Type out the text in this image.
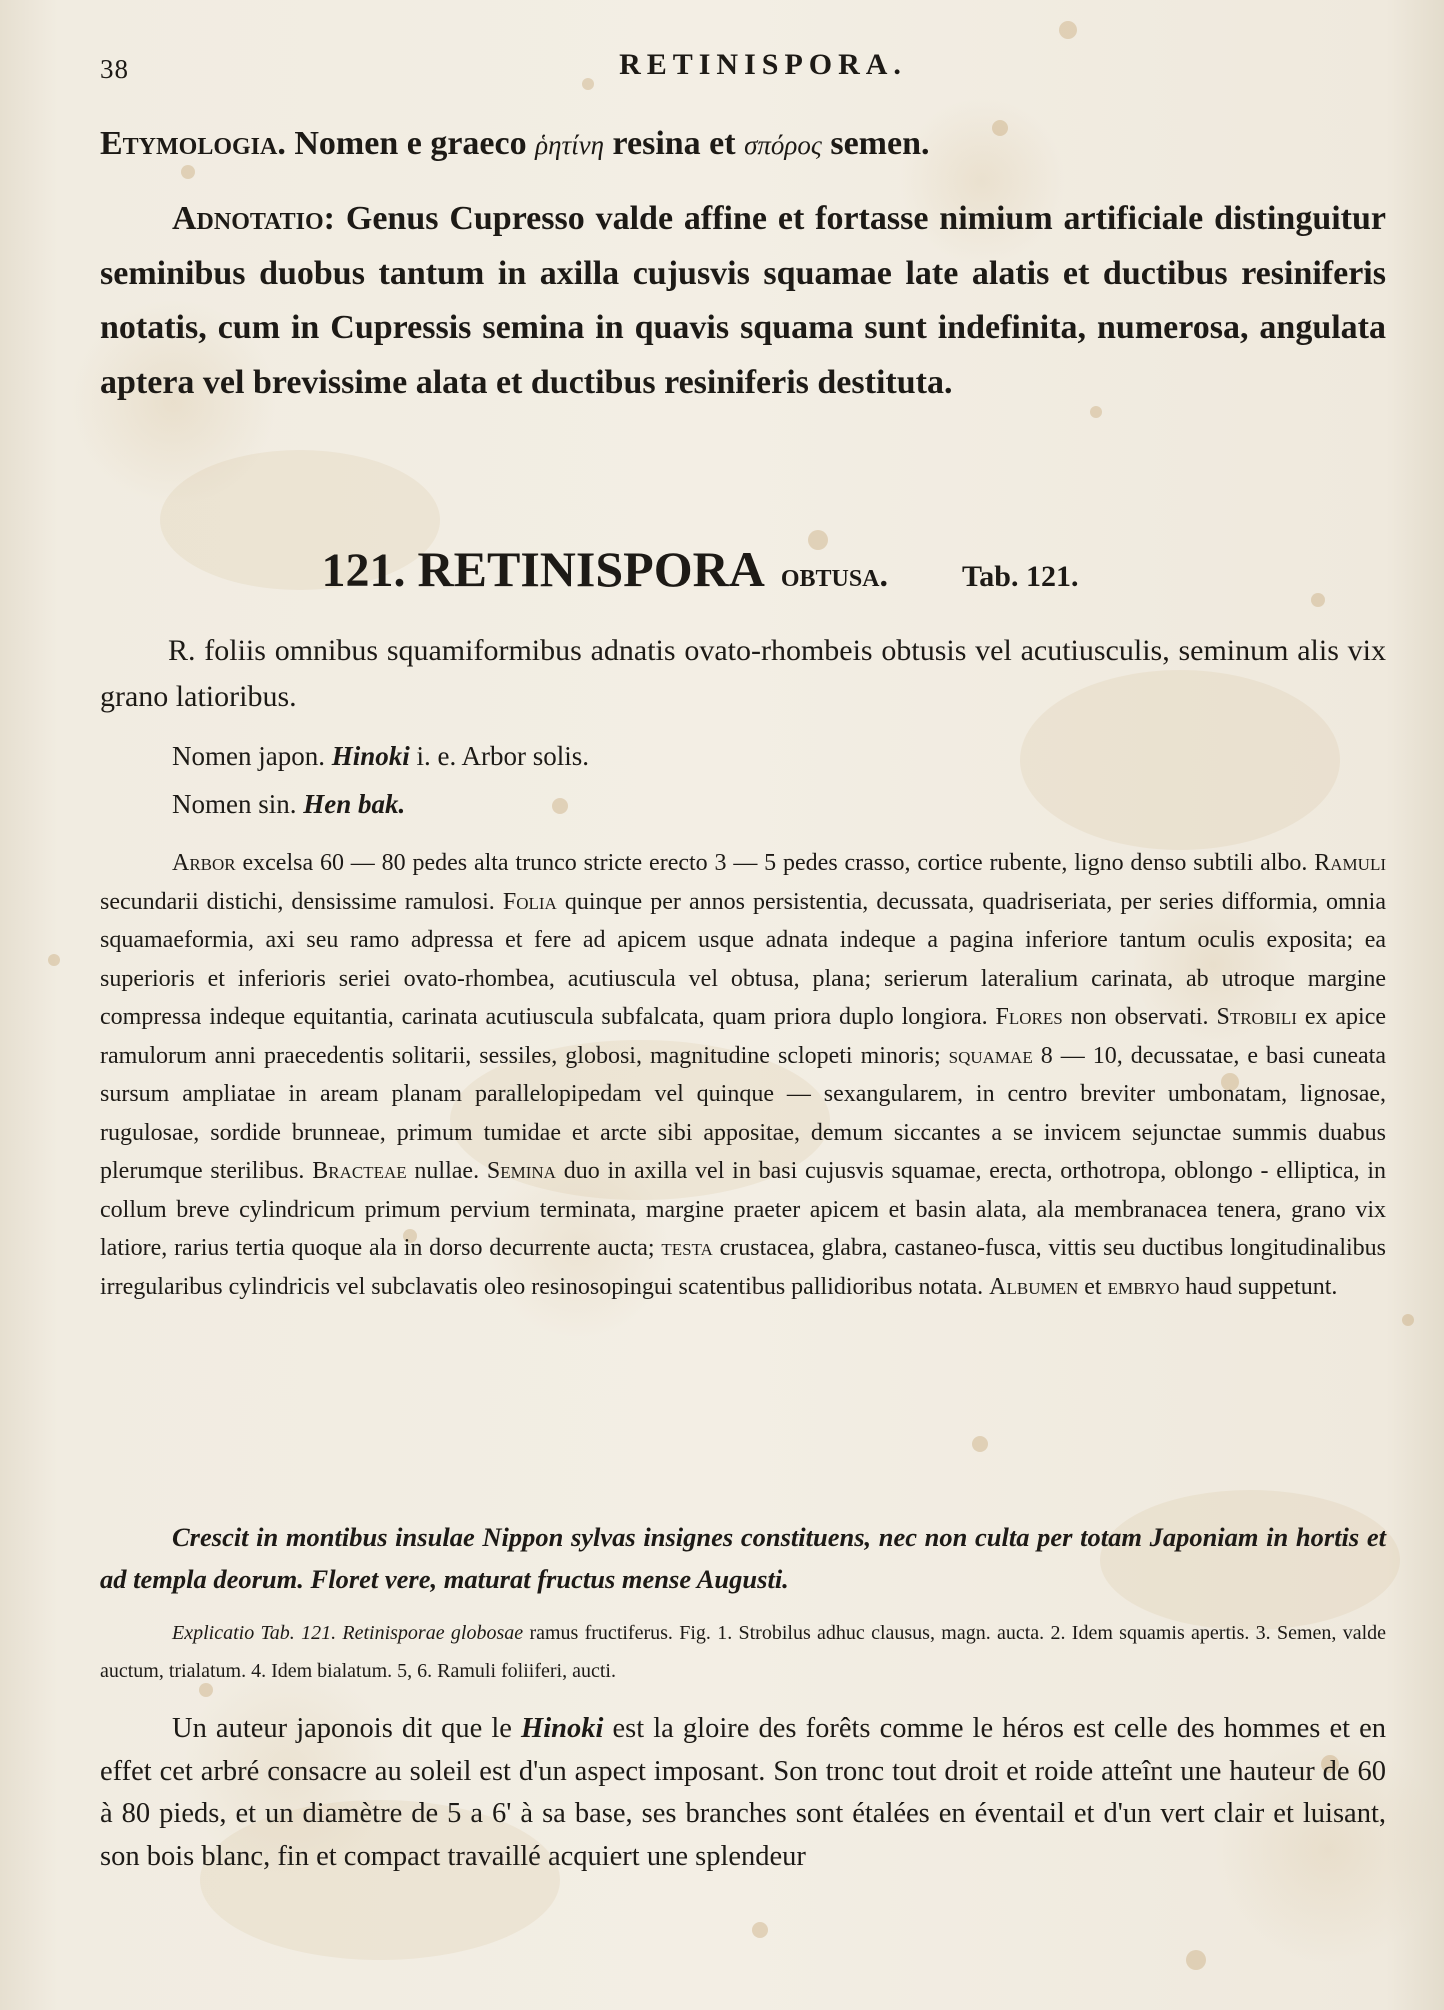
38	RETINISPORA.
Etymologia. Nomen e graeco ῥητίνη resina et σπόρος semen.
Adnotatio: Genus Cupresso valde affine et fortasse nimium artificiale distinguitur seminibus duobus tantum in axilla cujusvis squamae late alatis et ductibus resiniferis notatis, cum in Cupressis semina in quavis squama sunt indefinita, numerosa, angulata aptera vel brevissime alata et ductibus resiniferis destituta.
121. RETINISPORA obtusa. Tab. 121.
R. foliis omnibus squamiformibus adnatis ovato-rhombeis obtusis vel acutiusculis, seminum alis vix grano latioribus.
Nomen japon. Hinoki i. e. Arbor solis.
Nomen sin. Hen bak.
Arbor excelsa 60 — 80 pedes alta trunco stricte erecto 3 — 5 pedes crasso, cortice rubente, ligno denso subtili albo. Ramuli secundarii distichi, densissime ramulosi. Folia quinque per annos persistentia, decussata, quadriseriata, per series difformia, omnia squamaeformia, axi seu ramo adpressa et fere ad apicem usque adnata indeque a pagina inferiore tantum oculis exposita; ea superioris et inferioris seriei ovato-rhombea, acutiuscula vel obtusa, plana; serierum lateralium carinata, ab utroque margine compressa indeque equitantia, carinata acutiuscula subfalcata, quam priora duplo longiora. Flores non observati. Strobili ex apice ramulorum anni praecedentis solitarii, sessiles, globosi, magnitudine sclopeti minoris; squamae 8 — 10, decussatae, e basi cuneata sursum ampliatae in aream planam parallelopipedam vel quinque — sexangularem, in centro breviter umbonatam, lignosae, rugulosae, sordide brunneae, primum tumidae et arcte sibi appositae, demum siccantes a se invicem sejunctae summis duabus plerumque sterilibus. Bracteae nullae. Semina duo in axilla vel in basi cujusvis squamae, erecta, orthotropa, oblongo - elliptica, in collum breve cylindricum primum pervium terminata, margine praeter apicem et basin alata, ala membranacea tenera, grano vix latiore, rarius tertia quoque ala in dorso decurrente aucta; testa crustacea, glabra, castaneo-fusca, vittis seu ductibus longitudinalibus irregularibus cylindricis vel subclavatis oleo resinosopingui scatentibus pallidioribus notata. Albumen et embryo haud suppetunt.
Crescit in montibus insulae Nippon sylvas insignes constituens, nec non culta per totam Japoniam in hortis et ad templa deorum. Floret vere, maturat fructus mense Augusti.
Explicatio Tab. 121. Retinisporae globosae ramus fructiferus. Fig. 1. Strobilus adhuc clausus, magn. aucta. 2. Idem squamis apertis. 3. Semen, valde auctum, trialatum. 4. Idem bialatum. 5, 6. Ramuli foliiferi, aucti.
Un auteur japonois dit que le Hinoki est la gloire des forêts comme le héros est celle des hommes et en effet cet arbré consacre au soleil est d'un aspect imposant. Son tronc tout droit et roide atteînt une hauteur de 60 à 80 pieds, et un diamètre de 5 a 6' à sa base, ses branches sont étalées en éventail et d'un vert clair et luisant, son bois blanc, fin et compact travaillé acquiert une splendeur
